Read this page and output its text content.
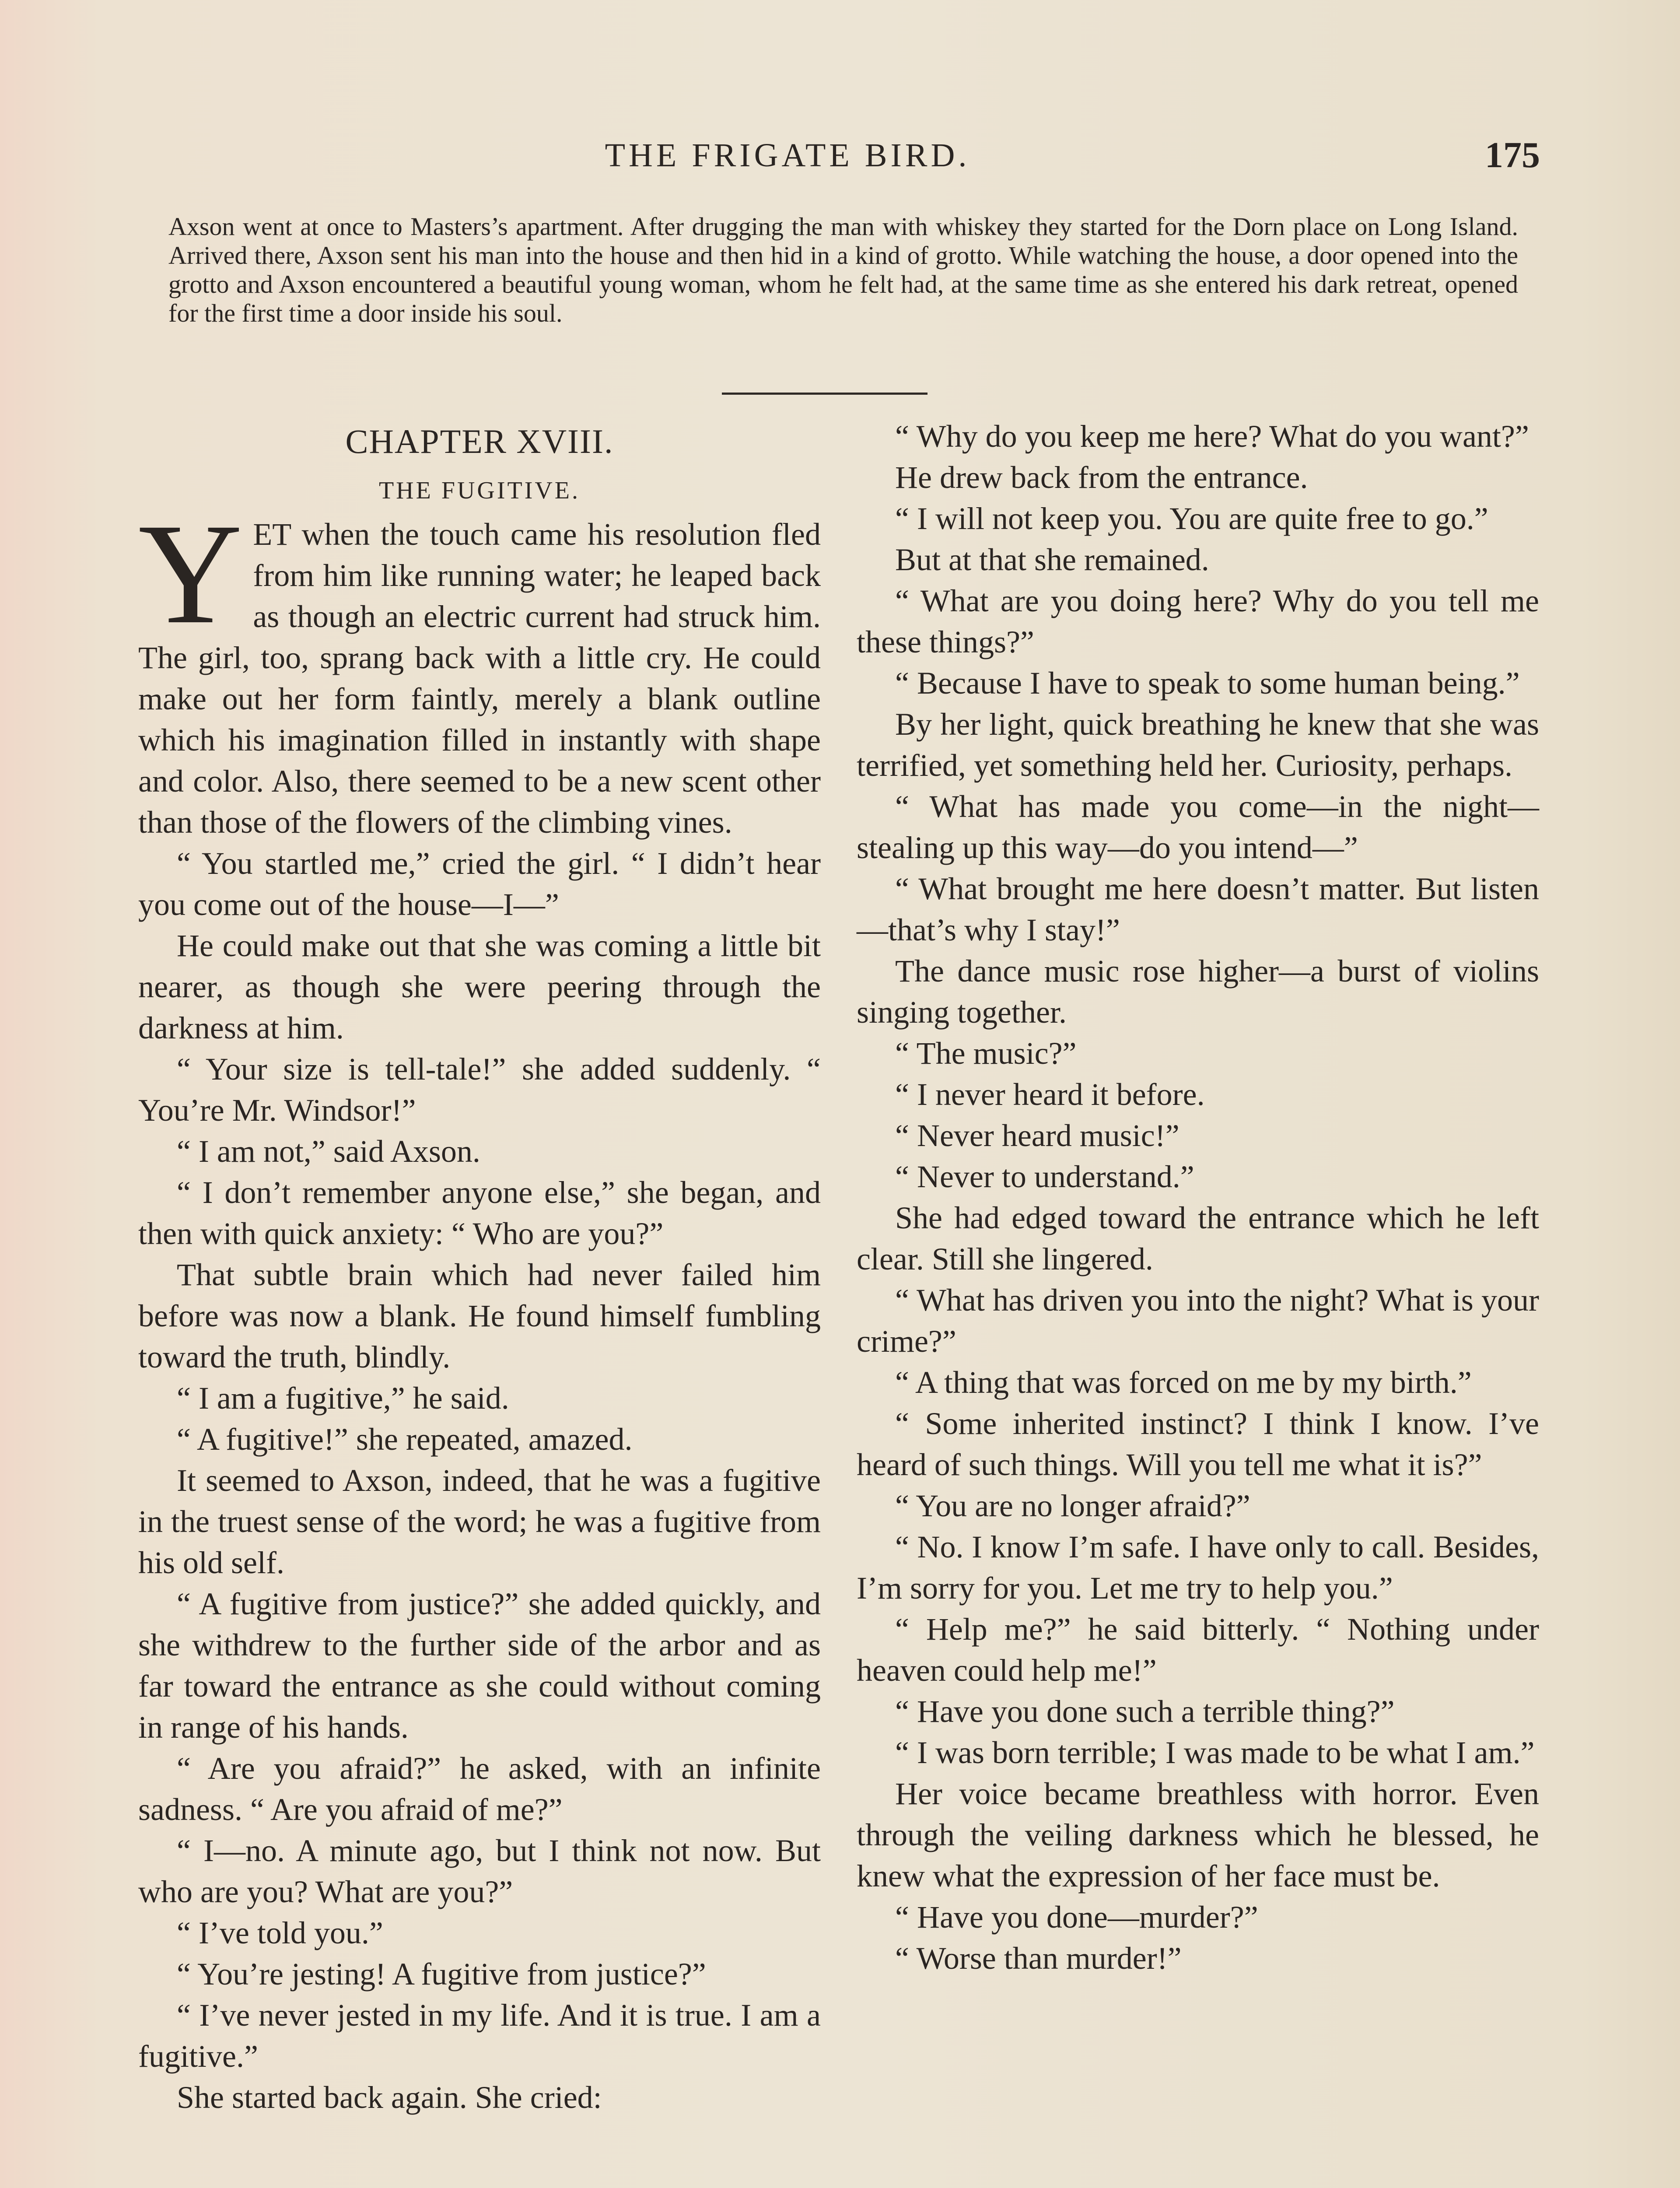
THE FRIGATE BIRD.	175

Axson went at once to Masters’s apartment. After drugging the man with whiskey they started for the Dorn place on Long Island. Arrived there, Axson sent his man into the house and then hid in a kind of grotto. While watching the house, a door opened into the grotto and Axson encountered a beautiful young woman, whom he felt had, at the same time as she entered his dark retreat, opened for the first time a door inside his soul.

CHAPTER XVIII.
THE FUGITIVE.

YET when the touch came his resolution fled from him like running water; he leaped back as though an electric current had struck him. The girl, too, sprang back with a little cry. He could make out her form faintly, merely a blank outline which his imagination filled in instantly with shape and color. Also, there seemed to be a new scent other than those of the flowers of the climbing vines.

“ You startled me,” cried the girl. “ I didn’t hear you come out of the house—I—”

He could make out that she was coming a little bit nearer, as though she were peering through the darkness at him.

“ Your size is tell-tale!” she added suddenly. “ You’re Mr. Windsor!”

“ I am not,” said Axson.

“ I don’t remember anyone else,” she began, and then with quick anxiety: “ Who are you?”

That subtle brain which had never failed him before was now a blank. He found himself fumbling toward the truth, blindly.

“ I am a fugitive,” he said.

“ A fugitive!” she repeated, amazed.

It seemed to Axson, indeed, that he was a fugitive in the truest sense of the word; he was a fugitive from his old self.

“ A fugitive from justice?” she added quickly, and she withdrew to the further side of the arbor and as far toward the entrance as she could without coming in range of his hands.

“ Are you afraid?” he asked, with an infinite sadness. “ Are you afraid of me?”

“ I—no. A minute ago, but I think not now. But who are you? What are you?”

“ I’ve told you.”

“ You’re jesting! A fugitive from justice?”

“ I’ve never jested in my life. And it is true. I am a fugitive.”

She started back again. She cried:

“ Why do you keep me here? What do you want?”

He drew back from the entrance.

“ I will not keep you. You are quite free to go.”

But at that she remained.

“ What are you doing here? Why do you tell me these things?”

“ Because I have to speak to some human being.”

By her light, quick breathing he knew that she was terrified, yet something held her. Curiosity, perhaps.

“ What has made you come—in the night—stealing up this way—do you intend—”

“ What brought me here doesn’t matter. But listen—that’s why I stay!”

The dance music rose higher—a burst of violins singing together.

“ The music?”

“ I never heard it before.

“ Never heard music!”

“ Never to understand.”

She had edged toward the entrance which he left clear. Still she lingered.

“ What has driven you into the night? What is your crime?”

“ A thing that was forced on me by my birth.”

“ Some inherited instinct? I think I know. I’ve heard of such things. Will you tell me what it is?”

“ You are no longer afraid?”

“ No. I know I’m safe. I have only to call. Besides, I’m sorry for you. Let me try to help you.”

“ Help me?” he said bitterly. “ Nothing under heaven could help me!”

“ Have you done such a terrible thing?”

“ I was born terrible; I was made to be what I am.”

Her voice became breathless with horror. Even through the veiling darkness which he blessed, he knew what the expression of her face must be.

“ Have you done—murder?”

“ Worse than murder!”
